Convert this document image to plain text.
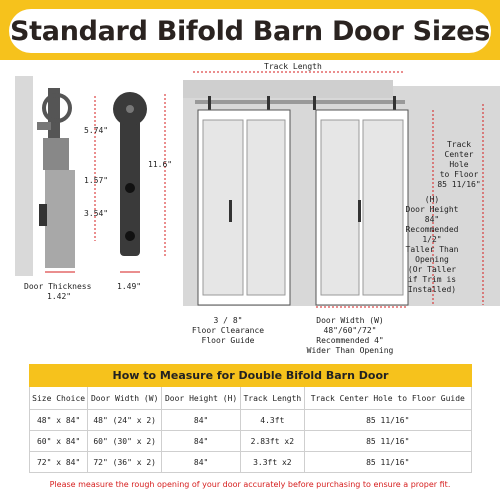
Standard Bifold Barn Door Sizes
5.74"
1.57"
3.54"
11.6"
Door Thickness
1.42"
1.49"
Track Length
Track
Center
Hole
to Floor
85 11/16"
(H)
Door Height
84"
Recommended
1/2"
Taller Than
Opening
(Or Taller
if Trim is
Installed)
3 / 8"
Floor Clearance
Floor Guide
Door Width (W)
48"/60"/72"
Recommended 4"
Wider Than Opening
How to Measure for Double Bifold Barn Door				
Size Choice	Door Width (W)	Door Height (H)	Track Length	Track Center Hole to Floor Guide
48" x 84"	48" (24" x 2)	84"	4.3ft	85 11/16"
60" x 84"	60" (30" x 2)	84"	2.83ft x2	85 11/16"
72" x 84"	72" (36" x 2)	84"	3.3ft x2	85 11/16"
Please measure the rough opening of your door accurately before purchasing to ensure a proper fit.
